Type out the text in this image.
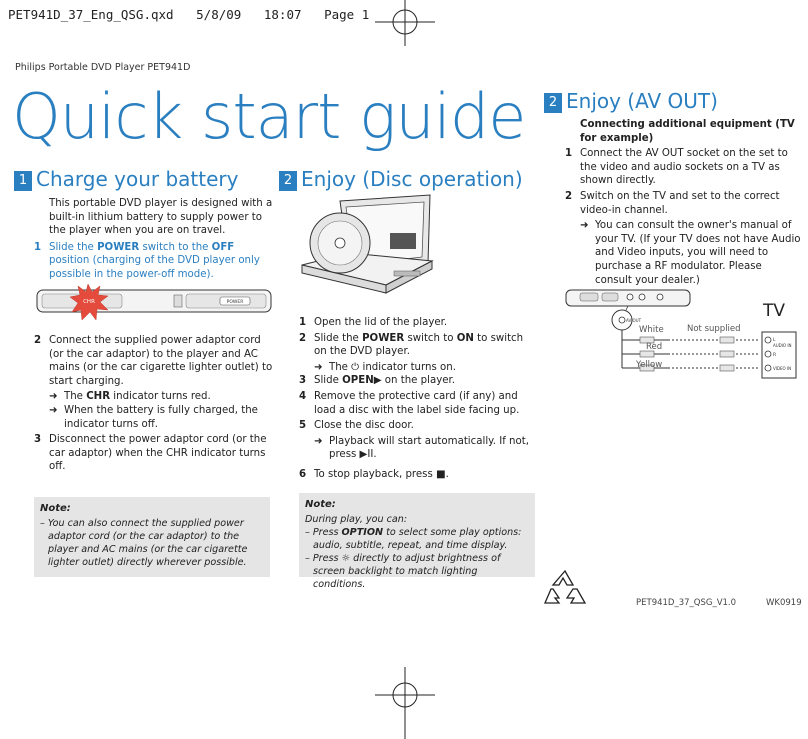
PET941D_37_Eng_QSG.qxd   5/8/09   18:07   Page 1
Philips Portable DVD Player PET941D
Quick start guide
1 Charge your battery
This portable DVD player is designed with a built-in lithium battery to supply power to the player when you are on travel.
1 Slide the POWER switch to the OFF position (charging of the DVD player only possible in the power-off mode).
POWER
CHR
2 Connect the supplied power adaptor cord (or the car adaptor) to the player and AC mains (or the car cigarette lighter outlet) to start charging.
➜ The CHR indicator turns red.
➜ When the battery is fully charged, the indicator turns off.
3 Disconnect the power adaptor cord (or the car adaptor) when the CHR indicator turns off.
Note:
– You can also connect the supplied power adaptor cord (or the car adaptor) to the player and AC mains (or the car cigarette lighter outlet) directly wherever possible.
2 Enjoy (Disc operation)
1 Open the lid of the player.
2 Slide the POWER switch to ON to switch on the DVD player.
➜ The ⏻ indicator turns on.
3 Slide OPEN▶ on the player.
4 Remove the protective card (if any) and load a disc with the label side facing up.
5 Close the disc door.
➜ Playback will start automatically. If not, press ▶II.
6 To stop playback, press ■.
Note:
During play, you can:
– Press OPTION to select some play options: audio, subtitle, repeat, and time display.
– Press ☼ directly to adjust brightness of screen backlight to match lighting conditions.
2 Enjoy (AV OUT)
Connecting additional equipment (TV for example)
1 Connect the AV OUT socket on the set to the video and audio sockets on a TV as shown directly.
2 Switch on the TV and set to the correct video-in channel.
➜ You can consult the owner's manual of your TV. (If your TV does not have Audio and Video inputs, you will need to purchase a RF modulator. Please consult your dealer.)
AV OUT
L
AUDIO IN
R
VIDEO IN
TV
Not supplied
White
Red
Yellow
PET941D_37_QSG_V1.0	WK0919
